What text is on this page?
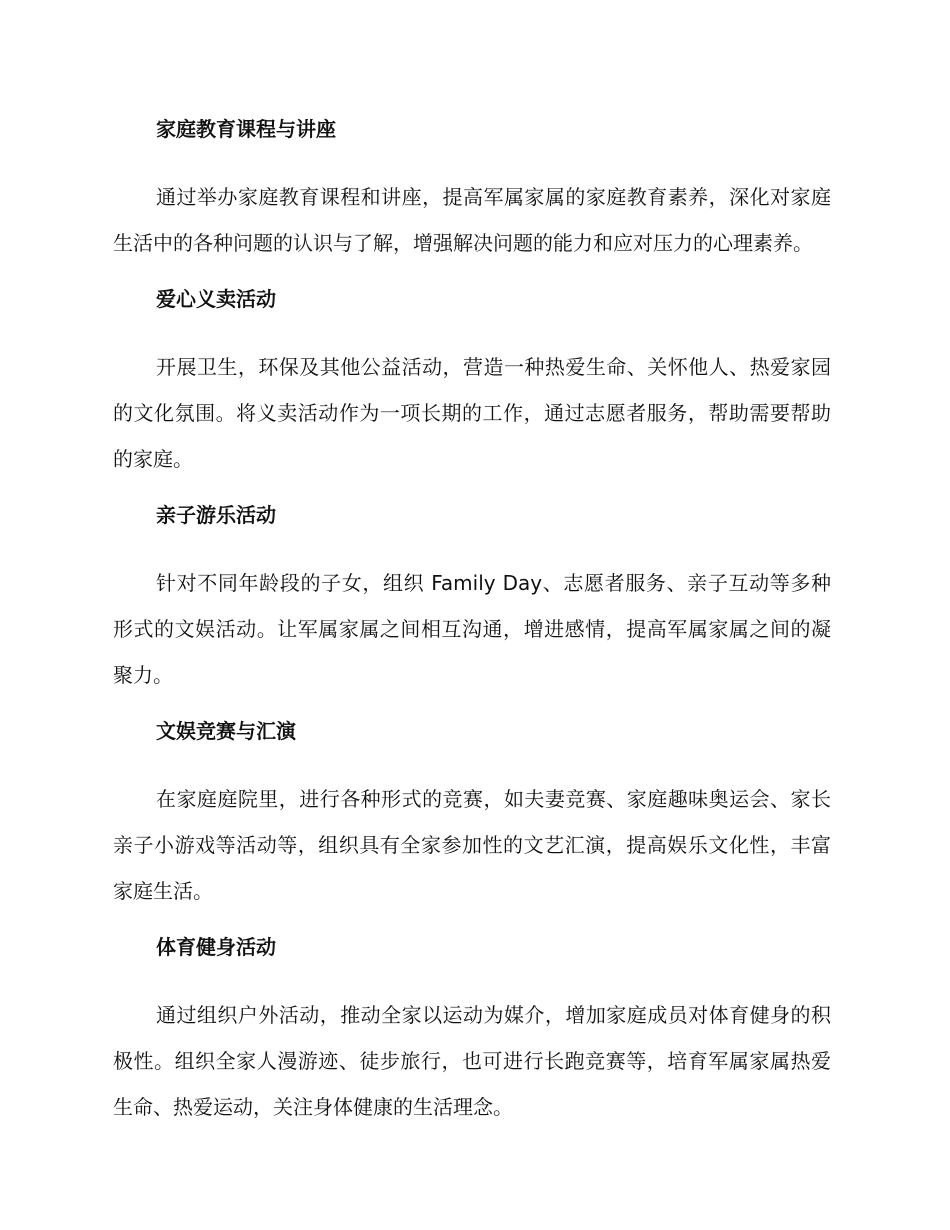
家庭教育课程与讲座

通过举办家庭教育课程和讲座，提高军属家属的家庭教育素养，深化对家庭生活中的各种问题的认识与了解，增强解决问题的能力和应对压力的心理素养。

爱心义卖活动

开展卫生，环保及其他公益活动，营造一种热爱生命、关怀他人、热爱家园的文化氛围。将义卖活动作为一项长期的工作，通过志愿者服务，帮助需要帮助的家庭。

亲子游乐活动

针对不同年龄段的子女，组织 Family Day、志愿者服务、亲子互动等多种形式的文娱活动。让军属家属之间相互沟通，增进感情，提高军属家属之间的凝聚力。

文娱竞赛与汇演

在家庭庭院里，进行各种形式的竞赛，如夫妻竞赛、家庭趣味奥运会、家长亲子小游戏等活动等，组织具有全家参加性的文艺汇演，提高娱乐文化性，丰富家庭生活。

体育健身活动

通过组织户外活动，推动全家以运动为媒介，增加家庭成员对体育健身的积极性。组织全家人漫游迹、徒步旅行，也可进行长跑竞赛等，培育军属家属热爱生命、热爱运动，关注身体健康的生活理念。
